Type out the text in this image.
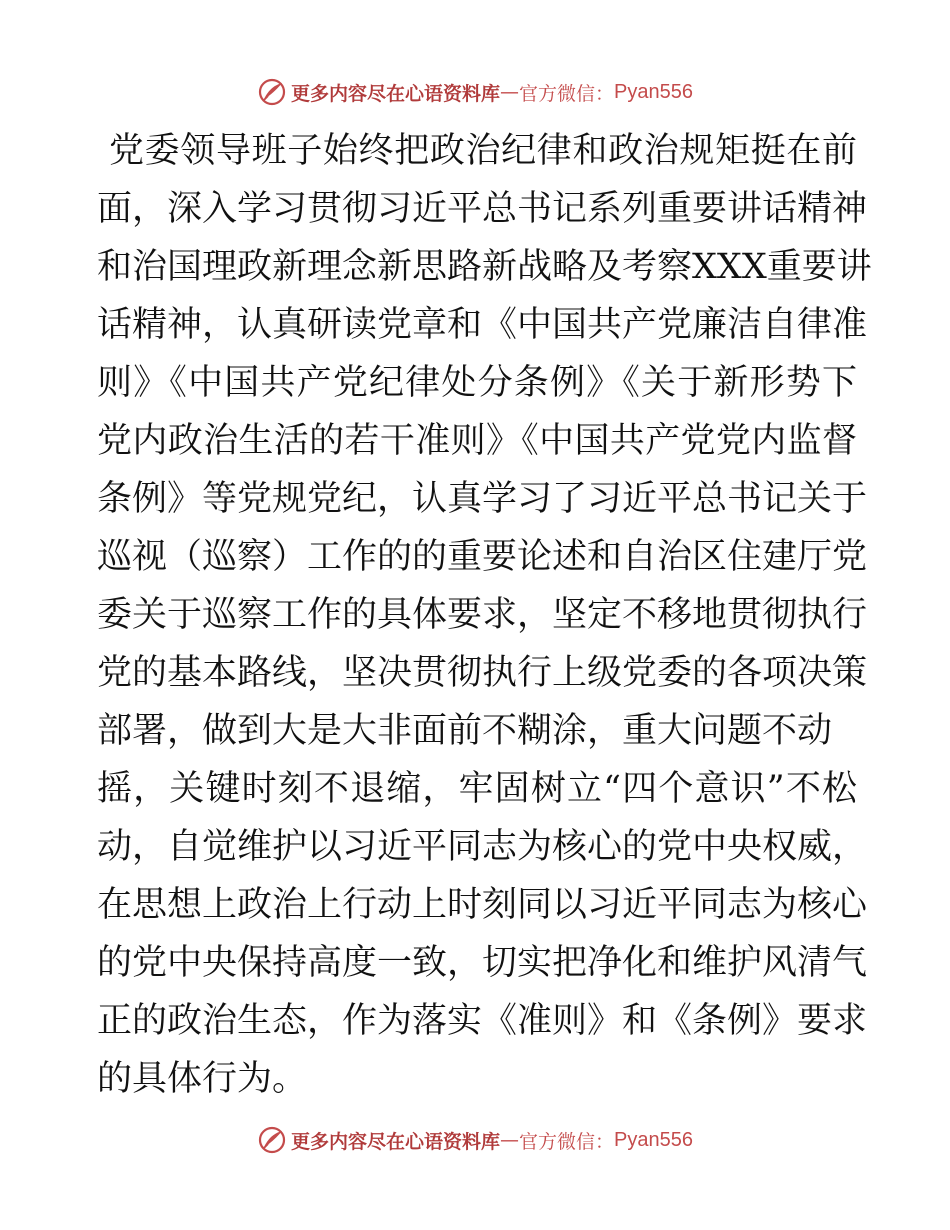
更多内容尽在心语资料库 — 官方微信： Pyan556
党委领导班子始终把政治纪律和政治规矩挺在前
面，深入学习贯彻习近平总书记系列重要讲话精神
和治国理政新理念新思路新战略及考察XXX重要讲
话精神，认真研读党章和《中国共产党廉洁自律准
则》《中国共产党纪律处分条例》《关于新形势下
党内政治生活的若干准则》《中国共产党党内监督
条例》等党规党纪，认真学习了习近平总书记关于
巡视（巡察）工作的的重要论述和自治区住建厅党
委关于巡察工作的具体要求，坚定不移地贯彻执行
党的基本路线，坚决贯彻执行上级党委的各项决策
部署，做到大是大非面前不糊涂，重大问题不动
摇，关键时刻不退缩，牢固树立“四个意识”不松
动，自觉维护以习近平同志为核心的党中央权威，
在思想上政治上行动上时刻同以习近平同志为核心
的党中央保持高度一致，切实把净化和维护风清气
正的政治生态，作为落实《准则》和《条例》要求
的具体行为。
更多内容尽在心语资料库 — 官方微信： Pyan556
